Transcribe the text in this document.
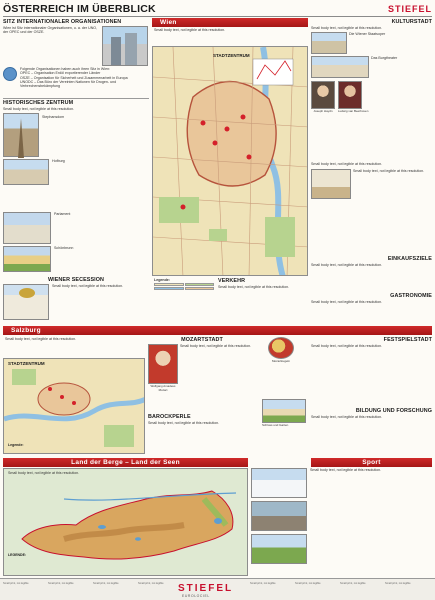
ÖSTERREICH IM ÜBERBLICK	STIEFEL
SITZ INTERNATIONALER ORGANISATIONEN
Wien ist Sitz internationaler Organisationen, u. a. der UNO, der OPEC und der OSZE.
Folgende Organisationen haben auch ihren Sitz in Wien:
OPEC – Organisation Erdöl exportierender Länder
OSZE – Organisation für Sicherheit und Zusammenarbeit in Europa
UNODC – Das Büro der Vereinten Nationen für Drogen- und Verbrechensbekämpfung
HISTORISCHES ZENTRUM
Small body text, not legible at this resolution.
Stephansdom
Hofburg
Parlament
Schönbrunn
WIENER SECESSION
Small body text, not legible at this resolution.
Wien
Small body text, not legible at this resolution.
STADTZENTRUM
Legende:	VERKEHR
Small body text, not legible at this resolution.
KULTURSTADT
Small body text, not legible at this resolution.
Die Wiener Staatsoper
Das Burgtheater
Joseph Haydn	Ludwig van Beethoven
Small body text, not legible at this resolution.
Small body text, not legible at this resolution.
EINKAUFSZIELE
Small body text, not legible at this resolution.
GASTRONOMIE
Small body text, not legible at this resolution.
Salzburg
Small body text, not legible at this resolution.
STADTZENTRUM
Legende:
MOZARTSTADT
Wolfgang Amadeus Mozart
Small body text, not legible at this resolution.
Mozartkugeln
BAROCKPERLE
Small body text, not legible at this resolution.	Schloss und Garten
FESTSPIELSTADT
Small body text, not legible at this resolution.
BILDUNG UND FORSCHUNG
Small body text, not legible at this resolution.
Land der Berge – Land der Seen
Small body text, not legible at this resolution.
LEGENDE:
Sport
Small body text, not legible at this resolution.
Small print, not legible	Small print, not legible	Small print, not legible	Small print, not legible	STIEFEL
EUROLOCIEL
Small print, not legible	Small print, not legible	Small print, not legible	Small print, not legible
